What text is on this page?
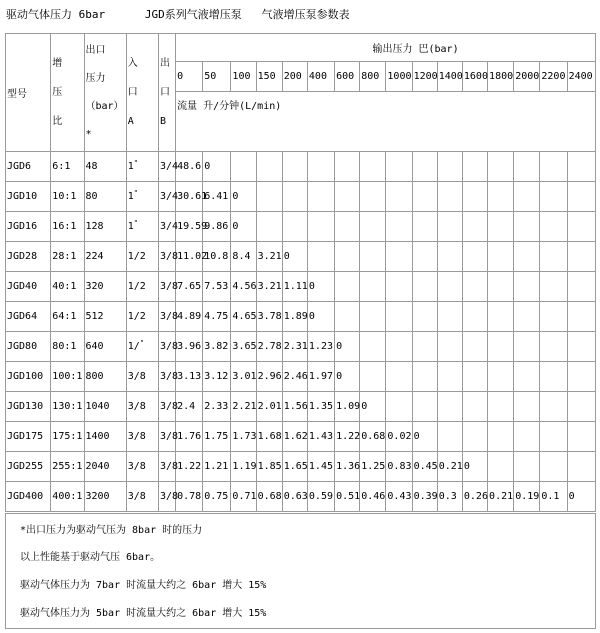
驱动气体压力 6bar      JGD系列气液增压泵   气液增压泵参数表
型号	增
压
比	出口
压力
（bar）
*	入
口
A	出
口
B	输出压力 巴(bar)															
					0	50	100	150	200	400	600	800	1000	1200	1400	1600	1800	2000	2200	2400
					流量 升/分钟(L/min)															
JGD6	6:1	48	1"	3/4	48.6	0														
JGD10	10:1	80	1"	3/4	30.61	6.41	0													
JGD16	16:1	128	1"	3/4	19.59	9.86	0													
JGD28	28:1	224	1/2	3/8	11.02	10.8	8.4	3.21	0											
JGD40	40:1	320	1/2	3/8	7.65	7.53	4.56	3.21	1.11	0										
JGD64	64:1	512	1/2	3/8	4.89	4.75	4.65	3.78	1.89	0										
JGD80	80:1	640	1/"	3/8	3.96	3.82	3.65	2.78	2.31	1.23	0									
JGD100	100:1	800	3/8	3/8	3.13	3.12	3.01	2.96	2.46	1.97	0									
JGD130	130:1	1040	3/8	3/8	2.4	2.33	2.21	2.01	1.56	1.35	1.09	0								
JGD175	175:1	1400	3/8	3/8	1.76	1.75	1.73	1.68	1.62	1.43	1.22	0.68	0.02	0						
JGD255	255:1	2040	3/8	3/8	1.22	1.21	1.19	1.85	1.65	1.45	1.36	1.25	0.83	0.45	0.21	0				
JGD400	400:1	3200	3/8	3/8	0.78	0.75	0.71	0.68	0.63	0.59	0.51	0.46	0.43	0.39	0.3	0.26	0.21	0.19	0.1	0
*出口压力为驱动气压为 8bar 时的压力
以上性能基于驱动气压 6bar。
驱动气体压力为 7bar 时流量大约之 6bar 增大 15%
驱动气体压力为 5bar 时流量大约之 6bar 增大 15%
